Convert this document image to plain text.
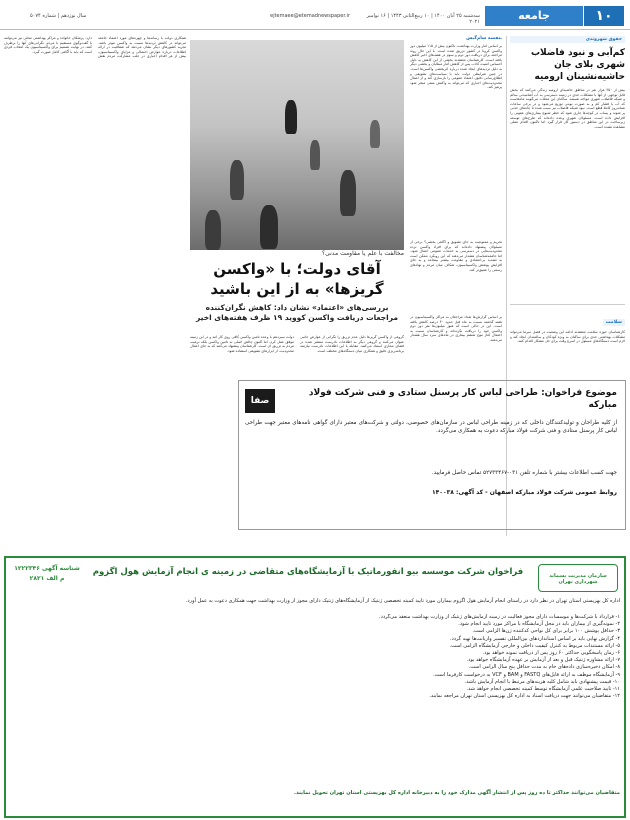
۱۰
جامعه
سه‌شنبه ۲۵ آبان ۱۴۰۰ | ۱۰ ربیع‌الثانی ۱۴۴۳ | ۱۶ نوامبر ۲۰۲۱
ejtemaee@etemadnewspaper.ir
سال نوزدهم | شماره ۵۰۷۴
حقوق شهروندی
کم‌آبی و نبود فاضلاب شهری بلای جان حاشیه‌نشینان ارومیه
بیش از ۲۵۰ هزار نفر در مناطق حاشیه‌ای ارومیه زندگی می‌کنند که بخش قابل توجهی از آنها با مشکلات جدی در زمینه دسترسی به آب آشامیدنی سالم و شبکه فاضلاب شهری مواجه هستند. ساکنان این محلات می‌گویند ماه‌هاست که آب با فشار کم و به صورت نوبتی توزیع می‌شود و در برخی ساعات شبانه‌روز کاملا قطع است. نبود شبکه فاضلاب نیز سبب شده تا چاه‌های جذبی پر شوند و پساب در کوچه‌ها جاری شود که خطر شیوع بیماری‌های عفونی را افزایش داده است. مسئولان شهری وعده داده‌اند که طرح‌های توسعه زیرساخت در این مناطق در دستور کار قرار گیرد اما تاکنون اقدام عملی مشاهده نشده است.
سلامت
کارشناسان حوزه سلامت معتقدند ادامه این وضعیت در فصل سرما می‌تواند مشکلات بهداشتی جدی برای ساکنان به ویژه کودکان و سالمندان ایجاد کند و لازم است دستگاه‌های مسئول در اسرع وقت برای حل مشکل اقدام کنند.
بنفشه سام‌گیس
بر اساس آمار وزارت بهداشت، تاکنون بیش از ۱۱۵ میلیون دوز واکسن کرونا در کشور تزریق شده است. با این حال روند مراجعه برای دریافت دوز دوم و سوم در هفته‌های اخیر کاهش یافته است. کارشناسان معتقدند بخشی از این کاهش به دلیل احساس امنیت کاذب پس از کاهش آمار مبتلایان و بخشی دیگر به دلیل تردیدهای ایجاد شده درباره اثربخشی واکسن‌ها است. در چنین شرایطی دولت باید با سیاست‌های تشویقی و اطلاع‌رسانی دقیق، اعتماد عمومی را بازسازی کند و از اعمال محدودیت‌های اجباری که می‌تواند به واکنش منفی منجر شود پرهیز کند.
تحریم و ممنوعیت به جای تشویق و آگاهی بخشی؟ برخی از مسئولان پیشنهاد داده‌اند که برای افراد واکسن نزده محدودیت‌هایی در دسترسی به خدمات عمومی اعمال شود. اما جامعه‌شناسان هشدار می‌دهند که این رویکرد ممکن است به تشدید بی‌اعتمادی و مقاومت بیشتر بینجامد و به جای افزایش پوشش واکسیناسیون، شکاف میان مردم و نهادهای رسمی را عمیق‌تر کند.
همکاری دولت با رسانه‌ها و چهره‌های مورد اعتماد جامعه می‌تواند در کاهش تردیدها نسبت به واکسن موثر باشد. تجربه کشورهای دیگر نشان می‌دهد که شفافیت در ارائه اطلاعات درباره عوارض احتمالی و مزایای واکسیناسیون، بیش از هر اقدام اجباری در جلب مشارکت مردم نقش دارد. پزشکان خانواده و مراکز بهداشتی محلی نیز می‌توانند با گفت‌وگوی مستقیم با مردم، نگرانی‌های آنها را برطرف کنند. در نهایت تصمیم برای واکسیناسیون یک انتخاب فردی است که باید با آگاهی کامل صورت گیرد.
مخالفت با علم یا مقاومت مدنی؟
آقای دولت؛ با «واکسن گریزها» به از این باشید
بررسی‌های «اعتماد» نشان داد: کاهش نگران‌کننده مراجعات دریافت واکسن کووید ۱۹ ظرف هفته‌های اخیر	بر اساس گزارش‌ها تعداد مراجعان به مراکز واکسیناسیون در هفته گذشته نسبت به ماه قبل حدود ۴۰ درصد کاهش یافته است. این در حالی است که هنوز میلیون‌ها نفر دوز دوم واکسن خود را دریافت نکرده‌اند و کارشناسان نسبت به احتمال آغاز موج ششم بیماری در ماه‌های سرد سال هشدار می‌دهند.
گروهی از واکسن گریزها دلیل عدم تزریق را نگرانی از عوارض جانبی عنوان می‌کنند و گروهی دیگر به اطلاعات نادرست منتشر شده در فضای مجازی استناد می‌کنند. مقابله با این اطلاعات نادرست نیازمند برنامه‌ریزی دقیق و همکاری میان دستگاه‌های مختلف است.
دولت سیزدهم با وعده تامین واکسن کافی روی کار آمد و در این زمینه موفق عمل کرد، اما اکنون چالش اصلی نه تامین واکسن بلکه ترغیب مردم به تزریق آن است. کارشناسان پیشنهاد می‌کنند که به جای اعمال محدودیت، از ابزارهای تشویقی استفاده شود.
صفا
موضوع فراخوان: طراحی لباس کار پرسنل ستادی و فنی شرکت فولاد مبارکه
از کلیه طراحان و تولیدکنندگان داخلی که در زمینه طراحی لباس در سازمان‌های خصوصی، دولتی و شرکت‌های معتبر دارای گواهی نامه‌های معتبر جهت طراحی لباس کار پرسنل ستادی و فنی شرکت فولاد مبارکه دعوت به همکاری می‌گردد.
جهت کسب اطلاعات بیشتر با شماره تلفن ۰۳۱-۵۲۷۳۳۴۶۷ تماس حاصل فرمایید.
روابط عمومی شرکت فولاد مبارکه اصفهان - کد آگهی: ۱۴۰۰۳۸
سازمان مدیریت پسماند شهرداری تهران
شناسه آگهی ۱۲۲۲۳۴۶
م الف ۲۸۲۱
فراخوان شرکت موسسه بیو انفورماتیک با آزمایشگاه‌های متقاضی در زمینه ی انجام آزمایش هول اگزوم
اداره کل بهزیستی استان تهران در نظر دارد در راستای انجام آزمایش هول اگزوم بیماران مورد تایید کمیته تخصصی ژنتیک از آزمایشگاه‌های ژنتیک دارای مجوز از وزارت بهداشت جهت همکاری دعوت به عمل آورد.
۱- قرارداد با شرکت‌ها و موسسات دارای مجوز فعالیت در زمینه آزمایش‌های ژنتیک از وزارت بهداشت منعقد می‌گردد.
۲- نمونه‌گیری از بیماران باید در محل آزمایشگاه یا مراکز مورد تایید انجام شود.
۳- حداقل پوشش ۱۰۰ برابر برای کل نواحی کدکننده ژن‌ها الزامی است.
۴- گزارش نهایی باید بر اساس استانداردهای بین‌المللی تفسیر واریانت‌ها تهیه گردد.
۵- ارائه مستندات مربوط به کنترل کیفیت داخلی و خارجی آزمایشگاه الزامی است.
۶- زمان پاسخگویی حداکثر ۶۰ روز پس از دریافت نمونه خواهد بود.
۷- ارائه مشاوره ژنتیک قبل و بعد از آزمایش بر عهده آزمایشگاه خواهد بود.
۸- امکان ذخیره‌سازی داده‌های خام به مدت حداقل پنج سال الزامی است.
۹- آزمایشگاه موظف به ارائه فایل‌های FASTQ و BAM و VCF به درخواست کارفرما است.
۱۰- قیمت پیشنهادی باید شامل کلیه هزینه‌های مرتبط با انجام آزمایش باشد.
۱۱- تایید صلاحیت علمی آزمایشگاه توسط کمیته تخصصی انجام خواهد شد.
۱۲- متقاضیان می‌توانند جهت دریافت اسناد به اداره کل بهزیستی استان تهران مراجعه نمایند.
متقاضیان می‌توانند حداکثر تا ده روز پس از انتشار آگهی مدارک خود را به دبیرخانه اداره کل بهزیستی استان تهران تحویل نمایند.
